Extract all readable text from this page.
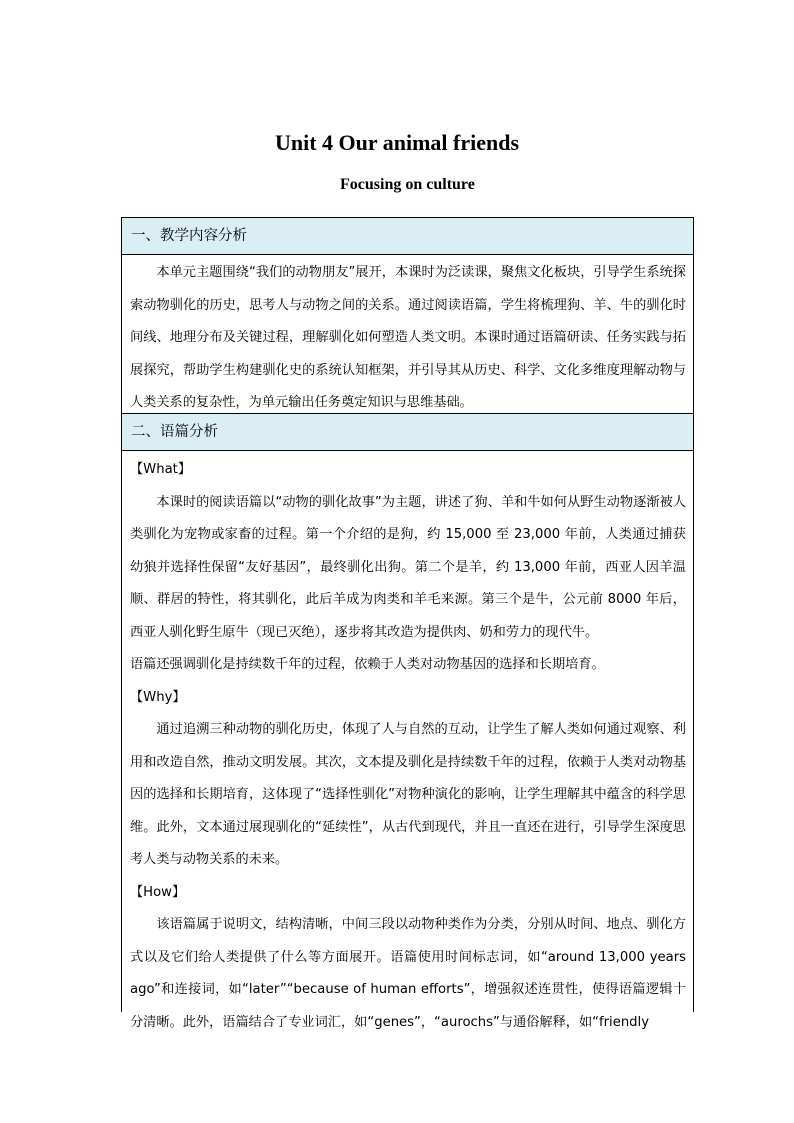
Unit 4 Our animal friends
Focusing on culture
一、教学内容分析

本单元主题围绕“我们的动物朋友”展开，本课时为泛读课，聚焦文化板块，引导学生系统探索动物驯化的历史，思考人与动物之间的关系。通过阅读语篇，学生将梳理狗、羊、牛的驯化时间线、地理分布及关键过程，理解驯化如何塑造人类文明。本课时通过语篇研读、任务实践与拓展探究，帮助学生构建驯化史的系统认知框架，并引导其从历史、科学、文化多维度理解动物与人类关系的复杂性，为单元输出任务奠定知识与思维基础。

二、语篇分析

【What】

本课时的阅读语篇以“动物的驯化故事”为主题，讲述了狗、羊和牛如何从野生动物逐渐被人类驯化为宠物或家畜的过程。第一个介绍的是狗，约 15,000 至 23,000 年前，人类通过捕获幼狼并选择性保留“友好基因”，最终驯化出狗。第二个是羊，约 13,000 年前，西亚人因羊温顺、群居的特性，将其驯化，此后羊成为肉类和羊毛来源。第三个是牛，公元前 8000 年后，西亚人驯化野生原牛（现已灭绝），逐步将其改造为提供肉、奶和劳力的现代牛。

语篇还强调驯化是持续数千年的过程，依赖于人类对动物基因的选择和长期培育。

【Why】

通过追溯三种动物的驯化历史，体现了人与自然的互动，让学生了解人类如何通过观察、利用和改造自然，推动文明发展。其次，文本提及驯化是持续数千年的过程，依赖于人类对动物基因的选择和长期培育，这体现了“选择性驯化”对物种演化的影响，让学生理解其中蕴含的科学思维。此外，文本通过展现驯化的“延续性”，从古代到现代，并且一直还在进行，引导学生深度思考人类与动物关系的未来。

【How】

该语篇属于说明文，结构清晰，中间三段以动物种类作为分类，分别从时间、地点、驯化方式以及它们给人类提供了什么等方面展开。语篇使用时间标志词，如“around 13,000 years ago”和连接词，如“later”“because of human efforts”，增强叙述连贯性，使得语篇逻辑十分清晰。此外，语篇结合了专业词汇，如“genes”，“aurochs”与通俗解释，如“friendly
